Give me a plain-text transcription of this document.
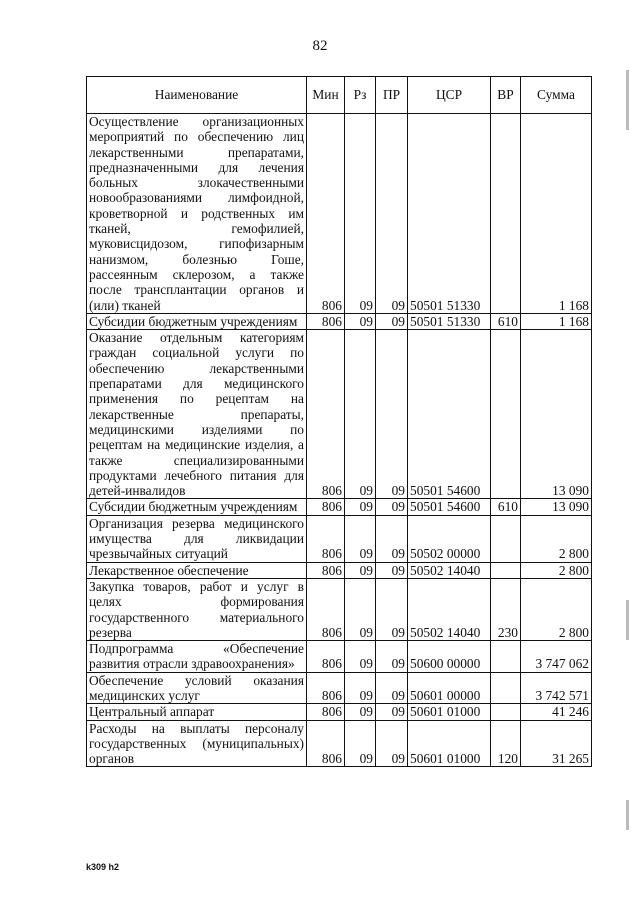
82
Наименование	Мин	Рз	ПР	ЦСР	ВР	Сумма
Осуществление организационных мероприятий по обеспечению лиц лекарственными препаратами, предназначенными для лечения больных злокачественными новообразованиями лимфоидной, кроветворной и родственных им тканей, гемофилией, муковисцидозом, гипофизарным нанизмом, болезнью Гоше, рассеянным склерозом, а также после трансплантации органов и (или) тканей	806	09	09	50501 51330		1 168
Субсидии бюджетным учреждениям	806	09	09	50501 51330	610	1 168
Оказание отдельным категориям граждан социальной услуги по обеспечению лекарственными препаратами для медицинского применения по рецептам на лекарственные препараты, медицинскими изделиями по рецептам на медицинские изделия, а также специализированными продуктами лечебного питания для детей-инвалидов	806	09	09	50501 54600		13 090
Субсидии бюджетным учреждениям	806	09	09	50501 54600	610	13 090
Организация резерва медицинского имущества для ликвидации чрезвычайных ситуаций	806	09	09	50502 00000		2 800
Лекарственное обеспечение	806	09	09	50502 14040		2 800
Закупка товаров, работ и услуг в целях формирования государственного материального резерва	806	09	09	50502 14040	230	2 800
Подпрограмма «Обеспечение развития отрасли здравоохранения»	806	09	09	50600 00000		3 747 062
Обеспечение условий оказания медицинских услуг	806	09	09	50601 00000		3 742 571
Центральный аппарат	806	09	09	50601 01000		41 246
Расходы на выплаты персоналу государственных (муниципальных) органов	806	09	09	50601 01000	120	31 265
k309 h2
